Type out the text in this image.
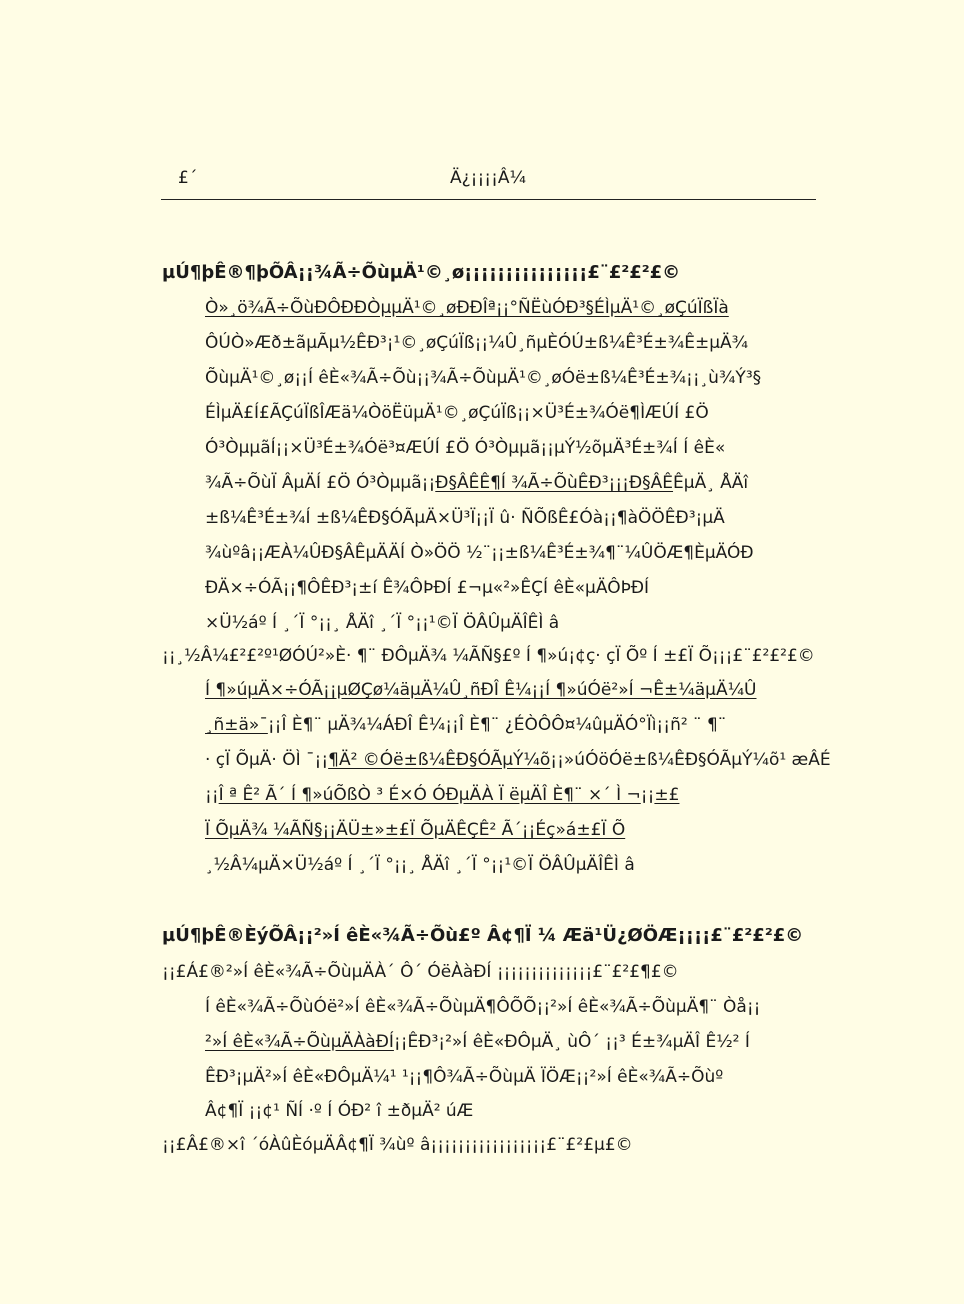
£´	Ä¿¡¡¡¡Â¼
µÚ¶þÊ®¶þÕÂ¡¡¾Ã÷ÕùµÄ¹©¸ø¡¡¡¡¡¡¡¡¡¡¡¡¡¡¡£¨£²£²£©
Ò»¸ö¾Ã÷ÕùÐÔÐÐÒµµÄ¹©¸øÐÐÎª¡¡°ÑËùÓÐ³§ÉÌµÄ¹©¸øÇúÏßÏà
ÔÚÒ»Æð±ãµÃµ½ÊÐ³¡¹©¸øÇúÏß¡¡¼Û¸ñµÈÓÚ±ß¼Ê³É±¾Ê±µÄ¾
ÕùµÄ¹©¸ø¡¡Í êÈ«¾Ã÷Õù¡¡¾Ã÷ÕùµÄ¹©¸øÓë±ß¼Ê³É±¾¡¡¸ù¾Ý³§
ÉÌµÄ£Í£ÃÇúÏßÎÆä¼ÒöËüµÄ¹©¸øÇúÏß¡¡×Ü³É±¾Óë¶ÌÆÚÍ £Ö
Ó³ÒµµãÍ¡¡×Ü³É±¾Óë³¤ÆÚÍ £Ö Ó³Òµµã¡¡µÝ½õµÄ³É±¾Í Í êÈ«
¾Ã÷ÕùÏ ÂµÄÍ £Ö Ó³Òµµã¡¡Ð§ÂÊÊ¶Í ¾Ã÷ÕùÊÐ³¡¡¡Ð§ÂÊÊµÄ¸ ÅÄî
±ß¼Ê³É±¾Í ±ß¼ÊÐ§ÓÃµÄ×Ü³Ï¡¡Ï û· ÑÕßÊ£Óà¡¡¶àÖÖÊÐ³¡µÄ
¾ùºâ¡¡ÆÀ¼ÛÐ§ÂÊµÄÄÍ Ò»ÖÖ ½¨¡¡±ß¼Ê³É±¾¶¨¼ÛÖÆ¶ÈµÄÓÐ
ÐÄ×÷ÓÃ¡¡¶ÔÊÐ³¡±í Ê¾ÔÞÐÍ £¬µ«²»ÊÇÍ êÈ«µÄÔÞÐÍ
×Ü½áº Í ¸´Ï °¡¡¸ ÅÄî ¸´Ï °¡¡¹©Ï ÖÂÛµÄÎÊÌ â
¡¡¸½Â¼£²£²º¹ØÓÚ²»È· ¶¨ ÐÔµÄ¾ ¼ÃÑ§£º Í ¶»ú¡¢ç· çÏ Õº Í ±£Ï Õ¡¡¡£¨£²£²£©
Í ¶»úµÄ×÷ÓÃ¡¡µØÇø¼äµÄ¼Û¸ñÐÎ Ê¼¡¡Í ¶»úÓë²»Í ¬Ê±¼äµÄ¼Û
¸ñ±ä»¯¡¡Î È¶¨ µÄ¾¼ÁÐÎ Ê¼¡¡Î È¶¨ ¿ÉÒÔÔ¤¼ûµÄÓ°Ïì¡¡ñ² ¨ ¶¨
· çÏ ÕµÄ· ÖÌ ¯¡¡¶Ä² ©Óë±ß¼ÊÐ§ÓÃµÝ¼õ¡¡»úÓöÓë±ß¼ÊÐ§ÓÃµÝ¼õ¹ æÂÉ
¡¡Î ª Ê² Ã´ Í ¶»úÕßÒ ³ É×Ó ÓÐµÄÀ Ï ëµÄÎ È¶¨ ×´ Ì ¬¡¡±£
Ï ÕµÄ¾ ¼ÃÑ§¡¡ÄÜ±»±£Ï ÕµÄÊÇÊ² Ã´¡¡Éç»á±£Ï Õ
¸½Â¼µÄ×Ü½áº Í ¸´Ï °¡¡¸ ÅÄî ¸´Ï °¡¡¹©Ï ÖÂÛµÄÎÊÌ â
µÚ¶þÊ®ÈýÕÂ¡¡²»Í êÈ«¾Ã÷Õù£º Â¢¶Ï ¼ Æä¹Ü¿ØÖÆ¡¡¡¡£¨£²£²£©
¡¡£Á£®²»Í êÈ«¾Ã÷ÕùµÄÀ´ Ô´ ÓëÀàÐÍ ¡¡¡¡¡¡¡¡¡¡¡¡¡¡£¨£²£¶£©
Í êÈ«¾Ã÷ÕùÓë²»Í êÈ«¾Ã÷ÕùµÄ¶ÔÕÕ¡¡²»Í êÈ«¾Ã÷ÕùµÄ¶¨ Òå¡¡
²»Í êÈ«¾Ã÷ÕùµÄÀàÐÍ¡¡ÊÐ³¡²»Í êÈ«ÐÔµÄ¸ ùÔ´ ¡¡³ É±¾µÄÎ Ê½² Í
ÊÐ³¡µÄ²»Í êÈ«ÐÔµÄ¼¹ ¹¡¡¶Ô¾Ã÷ÕùµÄ ÏÖÆ¡¡²»Í êÈ«¾Ã÷Õùº
Â¢¶Ï ¡¡¢¹ ÑÍ ·º Í ÓÐ² î ±ðµÄ² úÆ
¡¡£Â£®×î ´óÀûÈóµÄÂ¢¶Ï ¾ùº â¡¡¡¡¡¡¡¡¡¡¡¡¡¡¡¡¡£¨£²£µ£©
